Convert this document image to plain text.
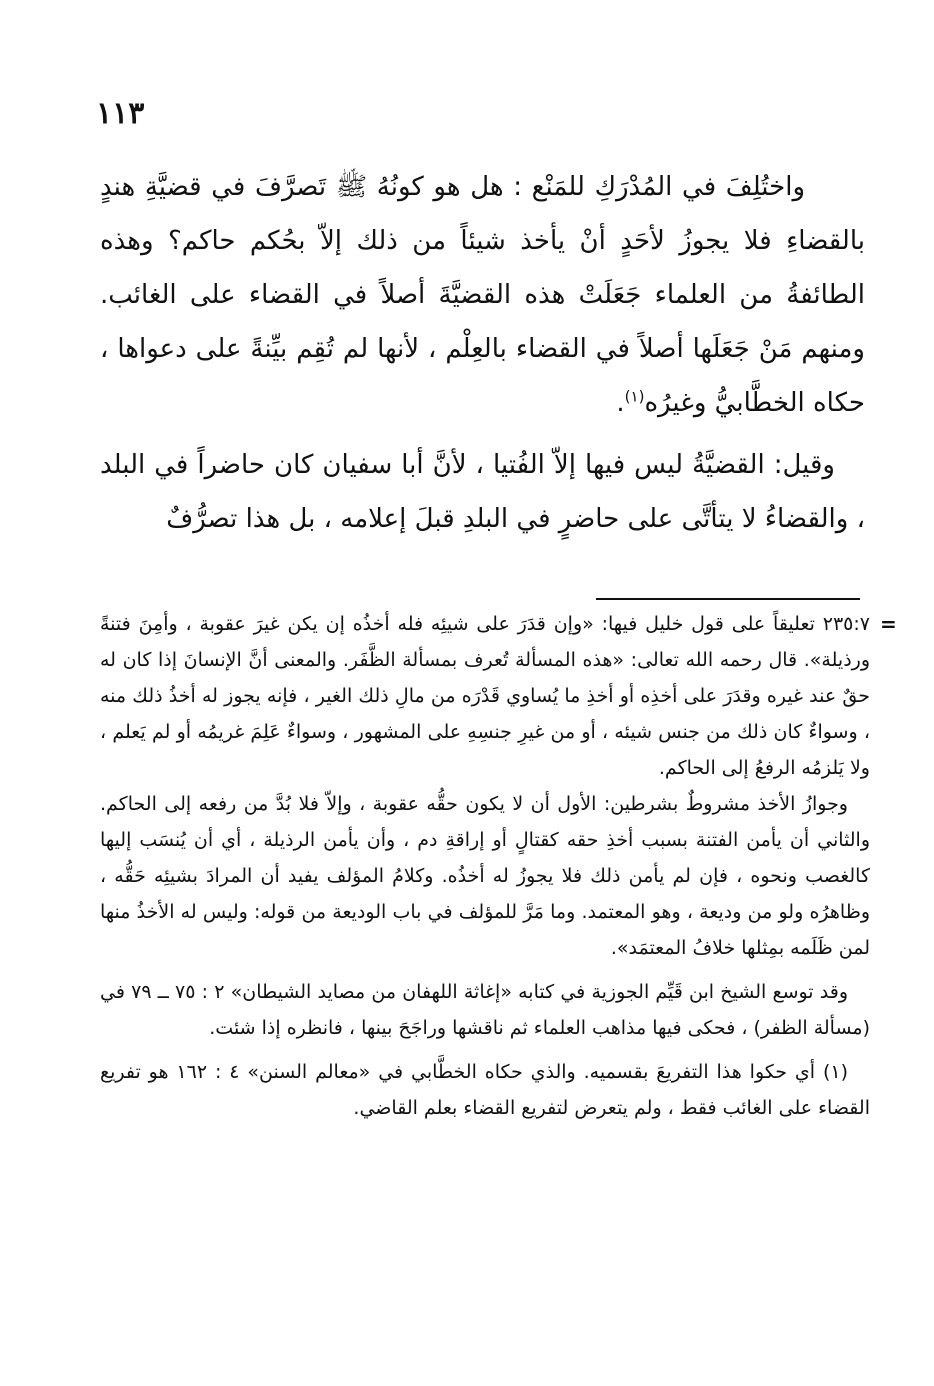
١١٣

واختُلِفَ في المُدْرَكِ للمَنْع : هل هو كونُهُ ﷺ تَصرَّفَ في قضيَّةِ هندٍ بالقضاءِ فلا يجوزُ لأحَدٍ أنْ يأخذ شيئاً من ذلك إلاّ بحُكم حاكم؟ وهذه الطائفةُ من العلماء جَعَلَتْ هذه القضيَّةَ أصلاً في القضاء على الغائب. ومنهم مَنْ جَعَلَها أصلاً في القضاء بالعِلْم ، لأنها لم تُقِم بيِّنةً على دعواها ، حكاه الخطَّابيُّ وغيرُه$^{(١)}$.

وقيل: القضيَّةُ ليس فيها إلاّ الفُتيا ، لأنَّ أبا سفيان كان حاضراً في البلد ، والقضاءُ لا يتأتَّى على حاضرٍ في البلدِ قبلَ إعلامه ، بل هذا تصرُّفٌ

=

٢٣٥:٧ تعليقاً على قول خليل فيها: «وإن قدَرَ على شيئِه فله أخذُه إن يكن غيرَ عقوبة ، وأمِنَ فتنةً ورذيلة». قال رحمه الله تعالى: «هذه المسألة تُعرف بمسألة الظَّفَر. والمعنى أنَّ الإنسانَ إذا كان له حقٌ عند غيره وقدَرَ على أخذِه أو أخذِ ما يُساوي قَدْرَه من مالِ ذلك الغير ، فإنه يجوز له أخذُ ذلك منه ، وسواءٌ كان ذلك من جنس شيئه ، أو من غيرِ جنسِهِ على المشهور ، وسواءٌ عَلِمَ غريمُه أو لم يَعلم ، ولا يَلزمُه الرفعُ إلى الحاكم.

وجوازُ الأخذ مشروطٌ بشرطين: الأول أن لا يكون حقُّه عقوبة ، وإلاّ فلا بُدَّ من رفعه إلى الحاكم. والثاني أن يأمن الفتنة بسبب أخذِ حقه كقتالٍ أو إراقةِ دم ، وأن يأمن الرذيلة ، أي أن يُنسَب إليها كالغصب ونحوه ، فإن لم يأمن ذلك فلا يجوزُ له أخذُه. وكلامُ المؤلف يفيد أن المرادَ بشيئِه حَقُّه ، وظاهرُه ولو من وديعة ، وهو المعتمد. وما مَرَّ للمؤلف في باب الوديعة من قوله: وليس له الأخذُ منها لمن ظَلَمه بمِثلها خلافُ المعتمَد».

وقد توسع الشيخ ابن قَيِّم الجوزية في كتابه «إغاثة اللهفان من مصايد الشيطان» ٢ : ٧٥ ــ ٧٩ في (مسألة الظفر) ، فحكى فيها مذاهب العلماء ثم ناقشها وراجَحَ بينها ، فانظره إذا شئت.

(١) أي حكوا هذا التفريعَ بقسميه. والذي حكاه الخطَّابي في «معالم السنن» ٤ : ١٦٢ هو تفريع القضاء على الغائب فقط ، ولم يتعرض لتفريع القضاء بعلم القاضي.
